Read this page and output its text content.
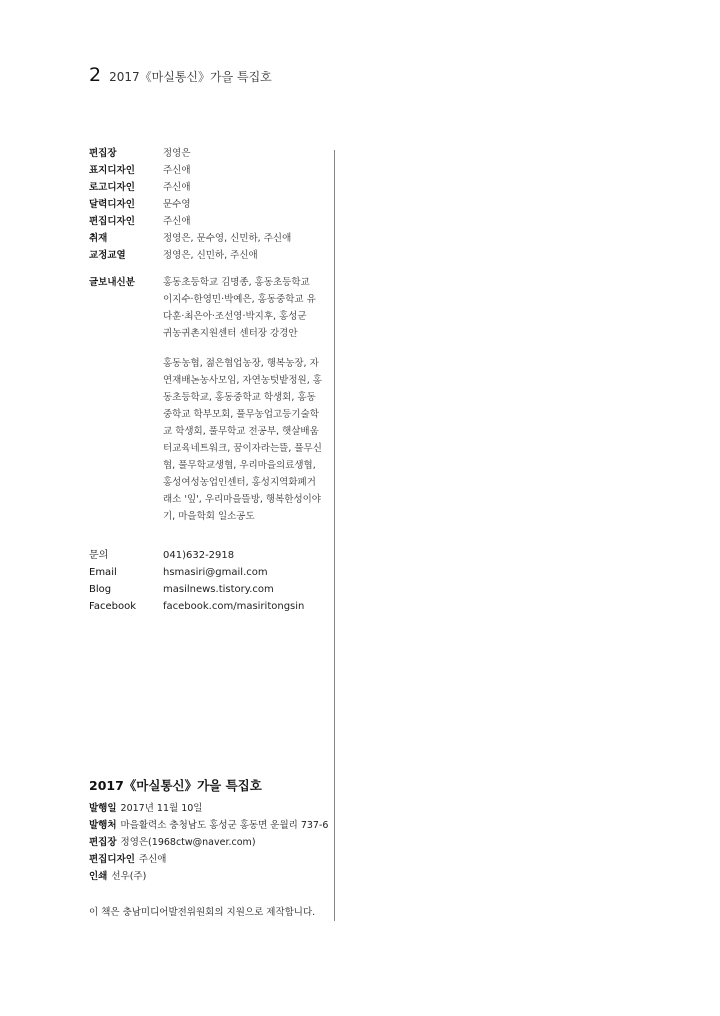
2 2017《마실통신》가을 특집호
편집장	정영은
표지디자인	주신애
로고디자인	주신애
달력디자인	문수영
편집디자인	주신애
취재	정영은, 문수영, 신민하, 주신애
교정교열	정영은, 신민하, 주신애
글보내신분	홍동초등학교 김명종, 홍동초등학교
이지수·한영민·박예은, 홍동중학교 유
다훈·최은아·조선영·박지후, 홍성군
귀농귀촌지원센터 센터장 강경안
홍동농협, 젊은협업농장, 행복농장, 자
연재배논농사모임, 자연농텃밭정원, 홍
동초등학교, 홍동중학교 학생회, 홍동
중학교 학부모회, 풀무농업고등기술학
교 학생회, 풀무학교 전공부, 햇살배움
터교육네트워크, 꿈이자라는뜰, 풀무신
협, 풀무학교생협, 우리마을의료생협,
홍성여성농업인센터, 홍성지역화폐거
래소 '잎', 우리마을뜰방, 행복한성이야
기, 마을학회 일소공도
문의	041)632-2918
Email	hsmasiri@gmail.com
Blog	masilnews.tistory.com
Facebook	facebook.com/masiritongsin
2017《마실통신》가을 특집호
발행일 2017년 11월 10일
발행처 마을활력소 충청남도 홍성군 홍동면 운월리 737-6
편집장 정영은(1968ctw@naver.com)
편집디자인 주신애
인쇄 선우(주)
이 책은 충남미디어발전위원회의 지원으로 제작합니다.
